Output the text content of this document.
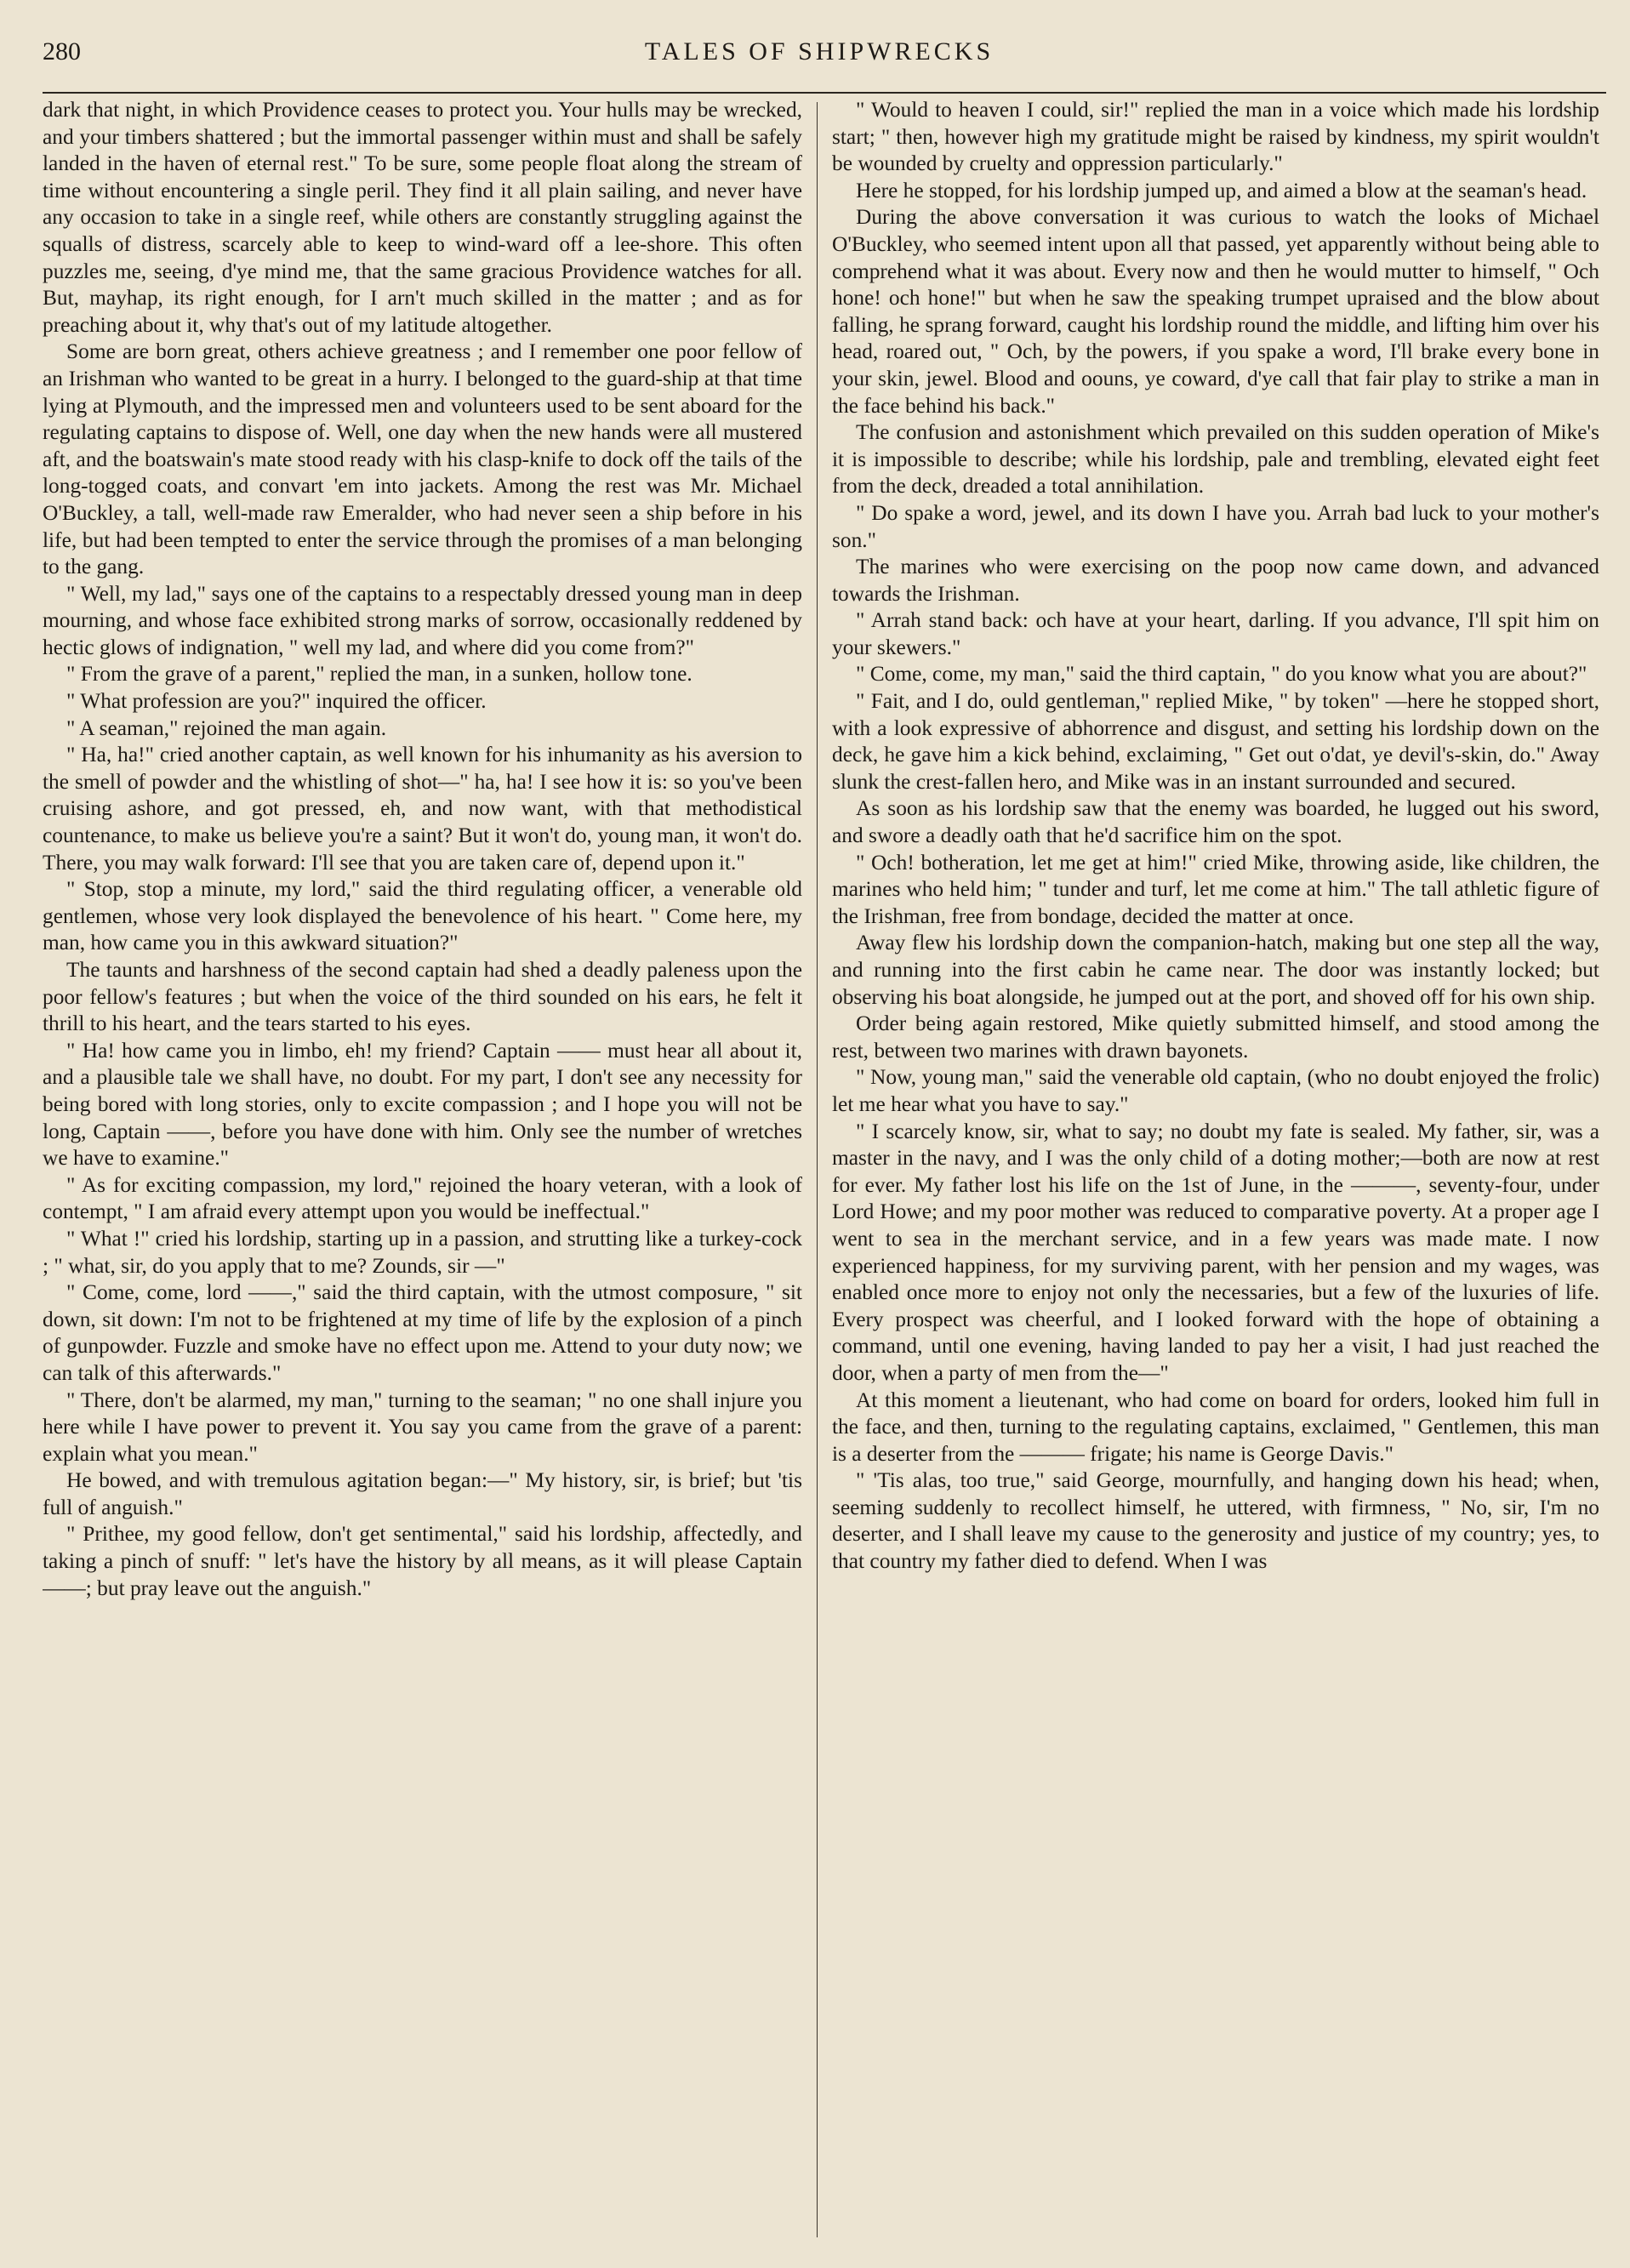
280	TALES OF SHIPWRECKS

dark that night, in which Providence ceases to protect you. Your hulls may be wrecked, and your timbers shattered ; but the immortal passenger within must and shall be safely landed in the haven of eternal rest." To be sure, some people float along the stream of time without encountering a single peril. They find it all plain sailing, and never have any occasion to take in a single reef, while others are constantly struggling against the squalls of distress, scarcely able to keep to wind-ward off a lee-shore. This often puzzles me, seeing, d'ye mind me, that the same gracious Providence watches for all. But, mayhap, its right enough, for I arn't much skilled in the matter ; and as for preaching about it, why that's out of my latitude altogether.

Some are born great, others achieve greatness ; and I remember one poor fellow of an Irishman who wanted to be great in a hurry. I belonged to the guard-ship at that time lying at Plymouth, and the impressed men and volunteers used to be sent aboard for the regulating captains to dispose of. Well, one day when the new hands were all mustered aft, and the boatswain's mate stood ready with his clasp-knife to dock off the tails of the long-togged coats, and convart 'em into jackets. Among the rest was Mr. Michael O'Buckley, a tall, well-made raw Emeralder, who had never seen a ship before in his life, but had been tempted to enter the service through the promises of a man belonging to the gang.

" Well, my lad," says one of the captains to a respectably dressed young man in deep mourning, and whose face exhibited strong marks of sorrow, occasionally reddened by hectic glows of indignation, " well my lad, and where did you come from?"

" From the grave of a parent," replied the man, in a sunken, hollow tone.

" What profession are you?" inquired the officer.

" A seaman," rejoined the man again.

" Ha, ha!" cried another captain, as well known for his inhumanity as his aversion to the smell of powder and the whistling of shot—" ha, ha! I see how it is: so you've been cruising ashore, and got pressed, eh, and now want, with that methodistical countenance, to make us believe you're a saint? But it won't do, young man, it won't do. There, you may walk forward: I'll see that you are taken care of, depend upon it."

" Stop, stop a minute, my lord," said the third regulating officer, a venerable old gentlemen, whose very look displayed the benevolence of his heart. " Come here, my man, how came you in this awkward situation?"

The taunts and harshness of the second captain had shed a deadly paleness upon the poor fellow's features ; but when the voice of the third sounded on his ears, he felt it thrill to his heart, and the tears started to his eyes.

" Ha! how came you in limbo, eh! my friend? Captain —— must hear all about it, and a plausible tale we shall have, no doubt. For my part, I don't see any necessity for being bored with long stories, only to excite compassion ; and I hope you will not be long, Captain ——, before you have done with him. Only see the number of wretches we have to examine."

" As for exciting compassion, my lord," rejoined the hoary veteran, with a look of contempt, " I am afraid every attempt upon you would be ineffectual."

" What !" cried his lordship, starting up in a passion, and strutting like a turkey-cock ; " what, sir, do you apply that to me? Zounds, sir —"

" Come, come, lord ——," said the third captain, with the utmost composure, " sit down, sit down: I'm not to be frightened at my time of life by the explosion of a pinch of gunpowder. Fuzzle and smoke have no effect upon me. Attend to your duty now; we can talk of this afterwards."

" There, don't be alarmed, my man," turning to the seaman; " no one shall injure you here while I have power to prevent it. You say you came from the grave of a parent: explain what you mean."

He bowed, and with tremulous agitation began:—" My history, sir, is brief; but 'tis full of anguish."

" Prithee, my good fellow, don't get sentimental," said his lordship, affectedly, and taking a pinch of snuff: " let's have the history by all means, as it will please Captain ——; but pray leave out the anguish."

" Would to heaven I could, sir!" replied the man in a voice which made his lordship start; " then, however high my gratitude might be raised by kindness, my spirit wouldn't be wounded by cruelty and oppression particularly."

Here he stopped, for his lordship jumped up, and aimed a blow at the seaman's head.

During the above conversation it was curious to watch the looks of Michael O'Buckley, who seemed intent upon all that passed, yet apparently without being able to comprehend what it was about. Every now and then he would mutter to himself, " Och hone! och hone!" but when he saw the speaking trumpet upraised and the blow about falling, he sprang forward, caught his lordship round the middle, and lifting him over his head, roared out, " Och, by the powers, if you spake a word, I'll brake every bone in your skin, jewel. Blood and oouns, ye coward, d'ye call that fair play to strike a man in the face behind his back."

The confusion and astonishment which prevailed on this sudden operation of Mike's it is impossible to describe; while his lordship, pale and trembling, elevated eight feet from the deck, dreaded a total annihilation.

" Do spake a word, jewel, and its down I have you. Arrah bad luck to your mother's son."

The marines who were exercising on the poop now came down, and advanced towards the Irishman.

" Arrah stand back: och have at your heart, darling. If you advance, I'll spit him on your skewers."

" Come, come, my man," said the third captain, " do you know what you are about?"

" Fait, and I do, ould gentleman," replied Mike, " by token" —here he stopped short, with a look expressive of abhorrence and disgust, and setting his lordship down on the deck, he gave him a kick behind, exclaiming, " Get out o'dat, ye devil's-skin, do." Away slunk the crest-fallen hero, and Mike was in an instant surrounded and secured.

As soon as his lordship saw that the enemy was boarded, he lugged out his sword, and swore a deadly oath that he'd sacrifice him on the spot.

" Och! botheration, let me get at him!" cried Mike, throwing aside, like children, the marines who held him; " tunder and turf, let me come at him." The tall athletic figure of the Irishman, free from bondage, decided the matter at once.

Away flew his lordship down the companion-hatch, making but one step all the way, and running into the first cabin he came near. The door was instantly locked; but observing his boat alongside, he jumped out at the port, and shoved off for his own ship.

Order being again restored, Mike quietly submitted himself, and stood among the rest, between two marines with drawn bayonets.

" Now, young man," said the venerable old captain, (who no doubt enjoyed the frolic) let me hear what you have to say."

" I scarcely know, sir, what to say; no doubt my fate is sealed. My father, sir, was a master in the navy, and I was the only child of a doting mother;—both are now at rest for ever. My father lost his life on the 1st of June, in the ———, seventy-four, under Lord Howe; and my poor mother was reduced to comparative poverty. At a proper age I went to sea in the merchant service, and in a few years was made mate. I now experienced happiness, for my surviving parent, with her pension and my wages, was enabled once more to enjoy not only the necessaries, but a few of the luxuries of life. Every prospect was cheerful, and I looked forward with the hope of obtaining a command, until one evening, having landed to pay her a visit, I had just reached the door, when a party of men from the—"

At this moment a lieutenant, who had come on board for orders, looked him full in the face, and then, turning to the regulating captains, exclaimed, " Gentlemen, this man is a deserter from the ——— frigate; his name is George Davis."

" 'Tis alas, too true," said George, mournfully, and hanging down his head; when, seeming suddenly to recollect himself, he uttered, with firmness, " No, sir, I'm no deserter, and I shall leave my cause to the generosity and justice of my country; yes, to that country my father died to defend. When I was
